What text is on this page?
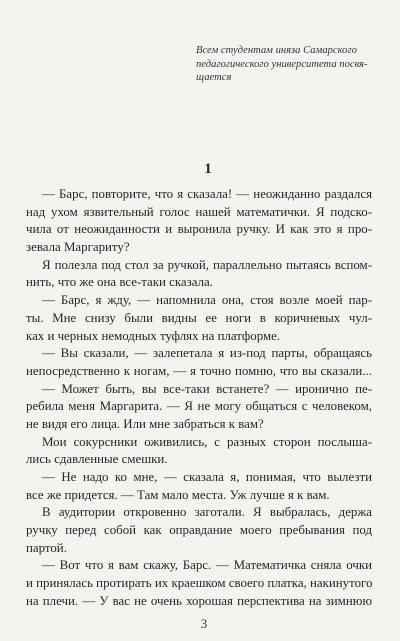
Всем студентам иняза Самарского
педагогического университета посвя-
щается
1
— Барс, повторите, что я сказала! — неожиданно раздался
над ухом язвительный голос нашей математички. Я подско-
чила от неожиданности и выронила ручку. И как это я про-
зевала Маргариту?
Я полезла под стол за ручкой, параллельно пытаясь вспом-
нить, что же она все-таки сказала.
— Барс, я жду, — напомнила она, стоя возле моей пар-
ты. Мне снизу были видны ее ноги в коричневых чул-
ках и черных немодных туфлях на платформе.
— Вы сказали, — залепетала я из-под парты, обращаясь
непосредственно к ногам, — я точно помню, что вы сказали...
— Может быть, вы все-таки встанете? — иронично пе-
ребила меня Маргарита. — Я не могу общаться с человеком,
не видя его лица. Или мне забраться к вам?
Мои сокурсники оживились, с разных сторон послыша-
лись сдавленные смешки.
— Не надо ко мне, — сказала я, понимая, что вылезти
все же придется. — Там мало места. Уж лучше я к вам.
В аудитории откровенно заготали. Я выбралась, держа
ручку перед собой как оправдание моего пребывания под
партой.
— Вот что я вам скажу, Барс. — Математичка сняла очки
и принялась протирать их краешком своего платка, накинутого
на плечи. — У вас не очень хорошая перспектива на зимнюю
3
